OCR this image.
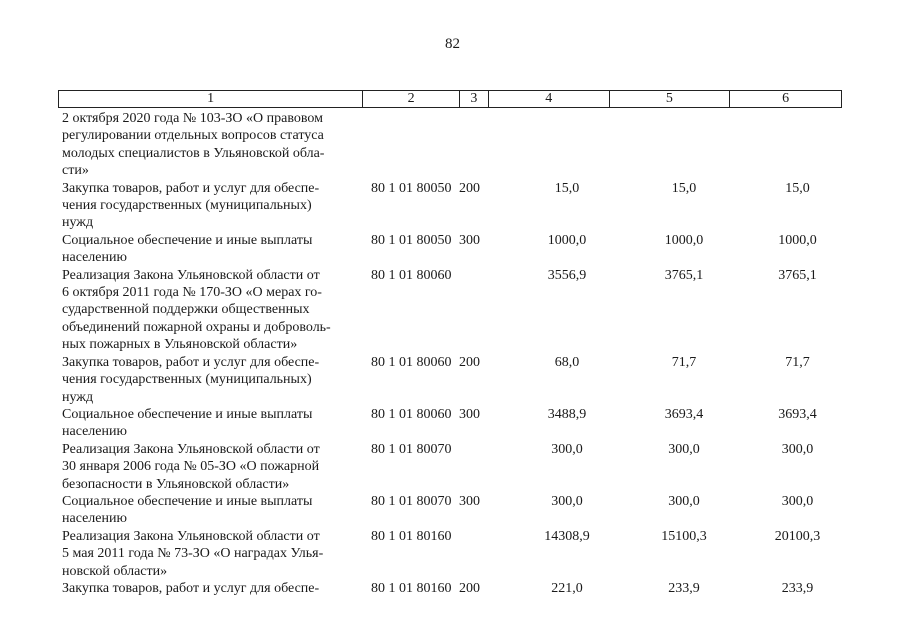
82
1	2	3	4	5	6
2 октября 2020 года № 103-ЗО «О правовом
регулировании отдельных вопросов статуса
молодых специалистов в Ульяновской обла-
сти»
Закупка товаров, работ и услуг для обеспе-
чения государственных (муниципальных)
нужд
80 1 01 80050 200	15,0	15,0	15,0
Социальное обеспечение и иные выплаты
населению
80 1 01 80050 300	1000,0	1000,0	1000,0
Реализация Закона Ульяновской области от
6 октября 2011 года № 170-ЗО «О мерах го-
сударственной поддержки общественных
объединений пожарной охраны и доброволь-
ных пожарных в Ульяновской области»
80 1 01 80060	3556,9	3765,1	3765,1
Закупка товаров, работ и услуг для обеспе-
чения государственных (муниципальных)
нужд
80 1 01 80060 200	68,0	71,7	71,7
Социальное обеспечение и иные выплаты
населению
80 1 01 80060 300	3488,9	3693,4	3693,4
Реализация Закона Ульяновской области от
30 января 2006 года № 05-ЗО «О пожарной
безопасности в Ульяновской области»
80 1 01 80070	300,0	300,0	300,0
Социальное обеспечение и иные выплаты
населению
80 1 01 80070 300	300,0	300,0	300,0
Реализация Закона Ульяновской области от
5 мая 2011 года № 73-ЗО «О наградах Улья-
новской области»
80 1 01 80160	14308,9	15100,3	20100,3
Закупка товаров, работ и услуг для обеспе-	80 1 01 80160 200	221,0	233,9	233,9
